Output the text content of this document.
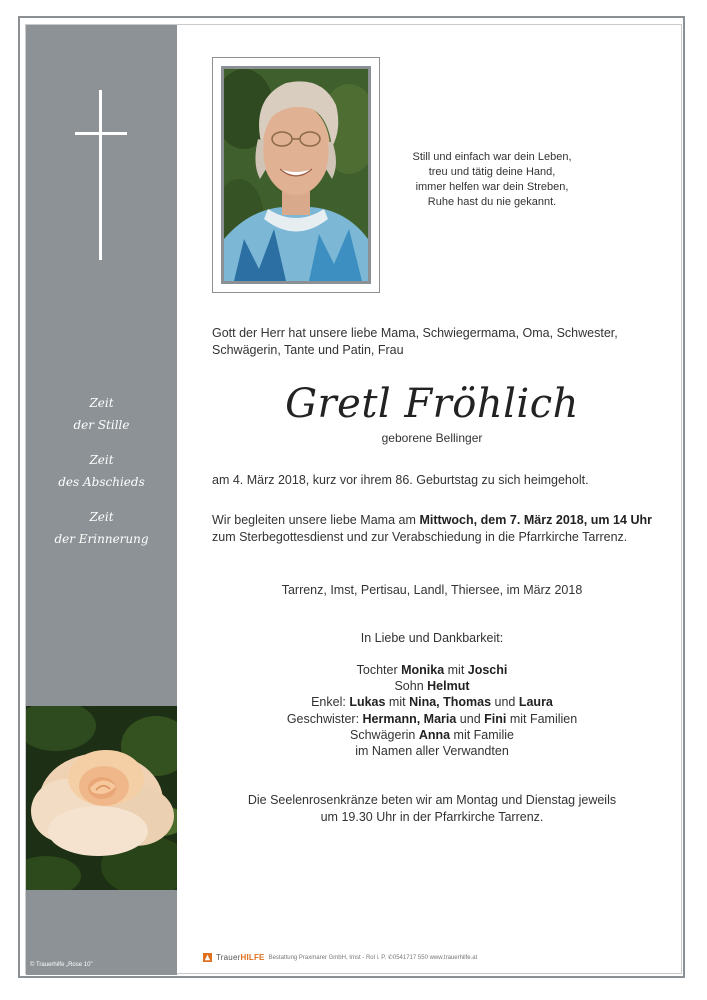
Zeit
der Stille
Zeit
des Abschieds
Zeit
der Erinnerung
© Trauerhilfe „Rose 10"
Still und einfach war dein Leben,
treu und tätig deine Hand,
immer helfen war dein Streben,
Ruhe hast du nie gekannt.
Gott der Herr hat unsere liebe Mama, Schwiegermama, Oma, Schwester, Schwägerin, Tante und Patin, Frau
Gretl Fröhlich
geborene Bellinger
am 4. März 2018, kurz vor ihrem 86. Geburtstag zu sich heimgeholt.
Wir begleiten unsere liebe Mama am Mittwoch, dem 7. März 2018, um 14 Uhr zum Sterbegottesdienst und zur Verabschiedung in die Pfarrkirche Tarrenz.
Tarrenz, Imst, Pertisau, Landl, Thiersee, im März 2018
In Liebe und Dankbarkeit:
Tochter Monika mit Joschi
Sohn Helmut
Enkel: Lukas mit Nina, Thomas und Laura
Geschwister: Hermann, Maria und Fini mit Familien
Schwägerin Anna mit Familie
im Namen aller Verwandten
Die Seelenrosenkränze beten wir am Montag und Dienstag jeweils
um 19.30 Uhr in der Pfarrkirche Tarrenz.
TrauerHILFE Bestattung Praxmarer GmbH, Imst - Rol i. P. ✆0541717 550 www.trauerhilfe.at
